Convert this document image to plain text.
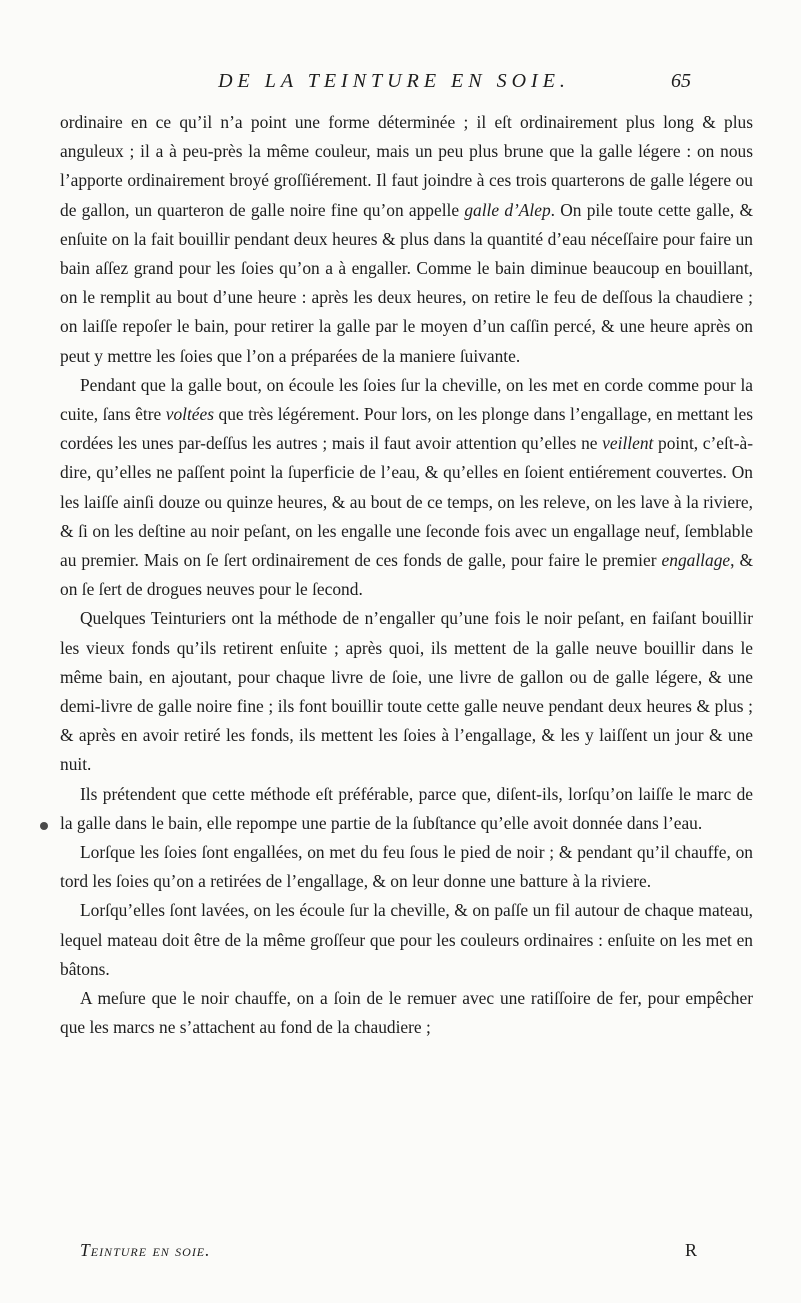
DE LA TEINTURE EN SOIE.	65

ordinaire en ce qu’il n’a point une forme déterminée ; il eſt ordinairement plus long & plus anguleux ; il a à peu-près la même couleur, mais un peu plus brune que la galle légere : on nous l’apporte ordinairement broyé groſſiérement. Il faut joindre à ces trois quarterons de galle légere ou de gallon, un quarteron de galle noire fine qu’on appelle galle d’Alep. On pile toute cette galle, & enſuite on la fait bouillir pendant deux heures & plus dans la quantité d’eau néceſſaire pour faire un bain aſſez grand pour les ſoies qu’on a à engaller. Comme le bain diminue beaucoup en bouillant, on le remplit au bout d’une heure : après les deux heures, on retire le feu de deſſous la chaudiere ; on laiſſe repoſer le bain, pour retirer la galle par le moyen d’un caſſin percé, & une heure après on peut y mettre les ſoies que l’on a préparées de la maniere ſuivante.

Pendant que la galle bout, on écoule les ſoies ſur la cheville, on les met en corde comme pour la cuite, ſans être voltées que très légérement. Pour lors, on les plonge dans l’engallage, en mettant les cordées les unes par-deſſus les autres ; mais il faut avoir attention qu’elles ne veillent point, c’eſt-à-dire, qu’elles ne paſſent point la ſuperficie de l’eau, & qu’elles en ſoient entiérement couvertes. On les laiſſe ainſi douze ou quinze heures, & au bout de ce temps, on les releve, on les lave à la riviere, & ſi on les deſtine au noir peſant, on les engalle une ſeconde fois avec un engallage neuf, ſemblable au premier. Mais on ſe ſert ordinairement de ces fonds de galle, pour faire le premier engallage, & on ſe ſert de drogues neuves pour le ſecond.

Quelques Teinturiers ont la méthode de n’engaller qu’une fois le noir peſant, en faiſant bouillir les vieux fonds qu’ils retirent enſuite ; après quoi, ils mettent de la galle neuve bouillir dans le même bain, en ajoutant, pour chaque livre de ſoie, une livre de gallon ou de galle légere, & une demi-livre de galle noire fine ; ils font bouillir toute cette galle neuve pendant deux heures & plus ; & après en avoir retiré les fonds, ils mettent les ſoies à l’engallage, & les y laiſſent un jour & une nuit.

Ils prétendent que cette méthode eſt préférable, parce que, diſent-ils, lorſqu’on laiſſe le marc de la galle dans le bain, elle repompe une partie de la ſubſtance qu’elle avoit donnée dans l’eau.

Lorſque les ſoies ſont engallées, on met du feu ſous le pied de noir ; & pendant qu’il chauffe, on tord les ſoies qu’on a retirées de l’engallage, & on leur donne une batture à la riviere.

Lorſqu’elles ſont lavées, on les écoule ſur la cheville, & on paſſe un fil autour de chaque mateau, lequel mateau doit être de la même groſſeur que pour les couleurs ordinaires : enſuite on les met en bâtons.

A meſure que le noir chauffe, on a ſoin de le remuer avec une ratiſſoire de fer, pour empêcher que les marcs ne s’attachent au fond de la chaudiere ;

Teinture en soie.	R
